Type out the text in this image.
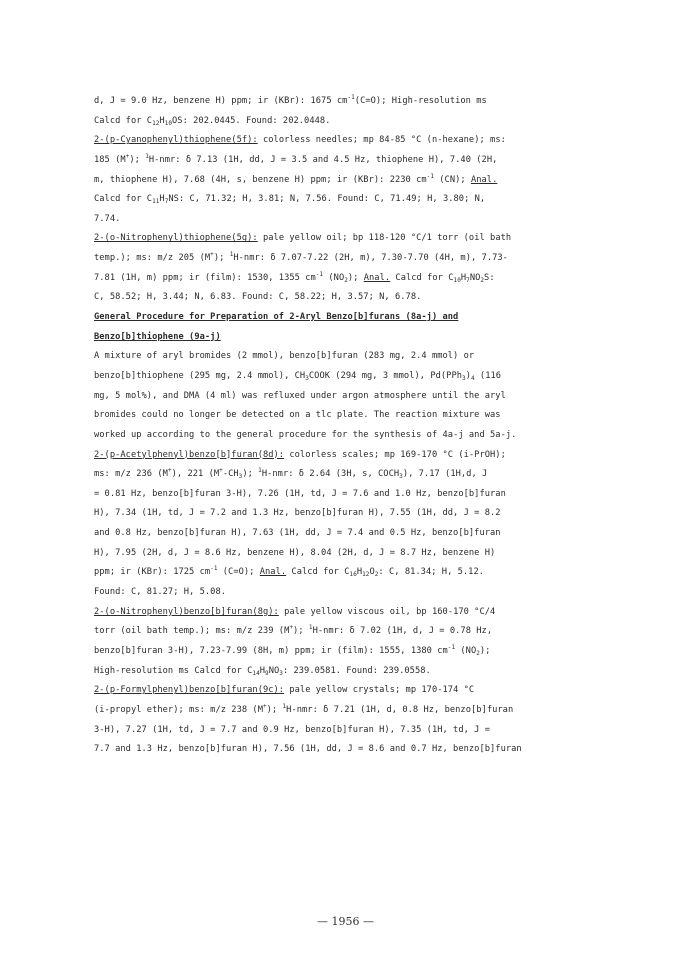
d, J = 9.0 Hz, benzene H) ppm; ir (KBr): 1675 $cm^{-1}(C=O)$; High-resolution ms
Calcd for $C_{12}H_{10}OS$: 202.0445. Found: 202.0448.
2-(p-Cyanophenyl)thiophene(5f): colorless needles; mp 84-85 °C (n-hexane); ms:
185 (M+); $^1$H-nmr: δ 7.13 (1H, dd, J = 3.5 and 4.5 Hz, thiophene H), 7.40 (2H,
m, thiophene H), 7.68 (4H, s, benzene H) ppm; ir (KBr): 2230 $cm^{-1}$ (CN); Anal.
Calcd for $C_{11}H_7NS$: C, 71.32; H, 3.81; N, 7.56. Found: C, 71.49; H, 3.80; N,
7.74.
2-(o-Nitrophenyl)thiophene(5g): pale yellow oil; bp 118-120 °C/1 torr (oil bath
temp.); ms: m/z 205 (M+); $^1$H-nmr: δ 7.07-7.22 (2H, m), 7.30-7.70 (4H, m), 7.73-
7.81 (1H, m) ppm; ir (film): 1530, 1355 $cm^{-1}$ $(NO_2)$; Anal. Calcd for $C_{10}H_7NO_2S$:
C, 58.52; H, 3.44; N, 6.83. Found: C, 58.22; H, 3.57; N, 6.78.
General Procedure for Preparation of 2-Aryl Benzo[b]furans (8a-j) and
Benzo[b]thiophene (9a-j)
A mixture of aryl bromides (2 mmol), benzo[b]furan (283 mg, 2.4 mmol) or
benzo[b]thiophene (295 mg, 2.4 mmol), $CH_3COOK$ (294 mg, 3 mmol), $Pd(PPh_3)_4$ (116
mg, 5 mol%), and DMA (4 ml) was refluxed under argon atmosphere until the aryl
bromides could no longer be detected on a tlc plate. The reaction mixture was
worked up according to the general procedure for the synthesis of 4a-j and 5a-j.
2-(p-Acetylphenyl)benzo[b]furan(8d): colorless scales; mp 169-170 °C (i-PrOH);
ms: m/z 236 (M+), 221 $(M^+-CH_3)$; $^1$H-nmr: δ 2.64 (3H, s, $COCH_3$), 7.17 (1H,d, J
= 0.81 Hz, benzo[b]furan 3-H), 7.26 (1H, td, J = 7.6 and 1.0 Hz, benzo[b]furan
H), 7.34 (1H, td, J = 7.2 and 1.3 Hz, benzo[b]furan H), 7.55 (1H, dd, J = 8.2
and 0.8 Hz, benzo[b]furan H), 7.63 (1H, dd, J = 7.4 and 0.5 Hz, benzo[b]furan
H), 7.95 (2H, d, J = 8.6 Hz, benzene H), 8.04 (2H, d, J = 8.7 Hz, benzene H)
ppm; ir (KBr): 1725 $cm^{-1}$ (C=O); Anal. Calcd for $C_{16}H_{12}O_2$: C, 81.34; H, 5.12.
Found: C, 81.27; H, 5.08.
2-(o-Nitrophenyl)benzo[b]furan(8g): pale yellow viscous oil, bp 160-170 °C/4
torr (oil bath temp.); ms: m/z 239 (M+); $^1$H-nmr: δ 7.02 (1H, d, J = 0.78 Hz,
benzo[b]furan 3-H), 7.23-7.99 (8H, m) ppm; ir (film): 1555, 1380 $cm^{-1}$ $(NO_2)$;
High-resolution ms Calcd for $C_{14}H_9NO_3$: 239.0581. Found: 239.0558.
2-(p-Formylphenyl)benzo[b]furan(9c): pale yellow crystals; mp 170-174 °C
(i-propyl ether); ms: m/z 238 (M+); $^1$H-nmr: δ 7.21 (1H, d, 0.8 Hz, benzo[b]furan
3-H), 7.27 (1H, td, J = 7.7 and 0.9 Hz, benzo[b]furan H), 7.35 (1H, td, J =
7.7 and 1.3 Hz, benzo[b]furan H), 7.56 (1H, dd, J = 8.6 and 0.7 Hz, benzo[b]furan
— 1956 —
